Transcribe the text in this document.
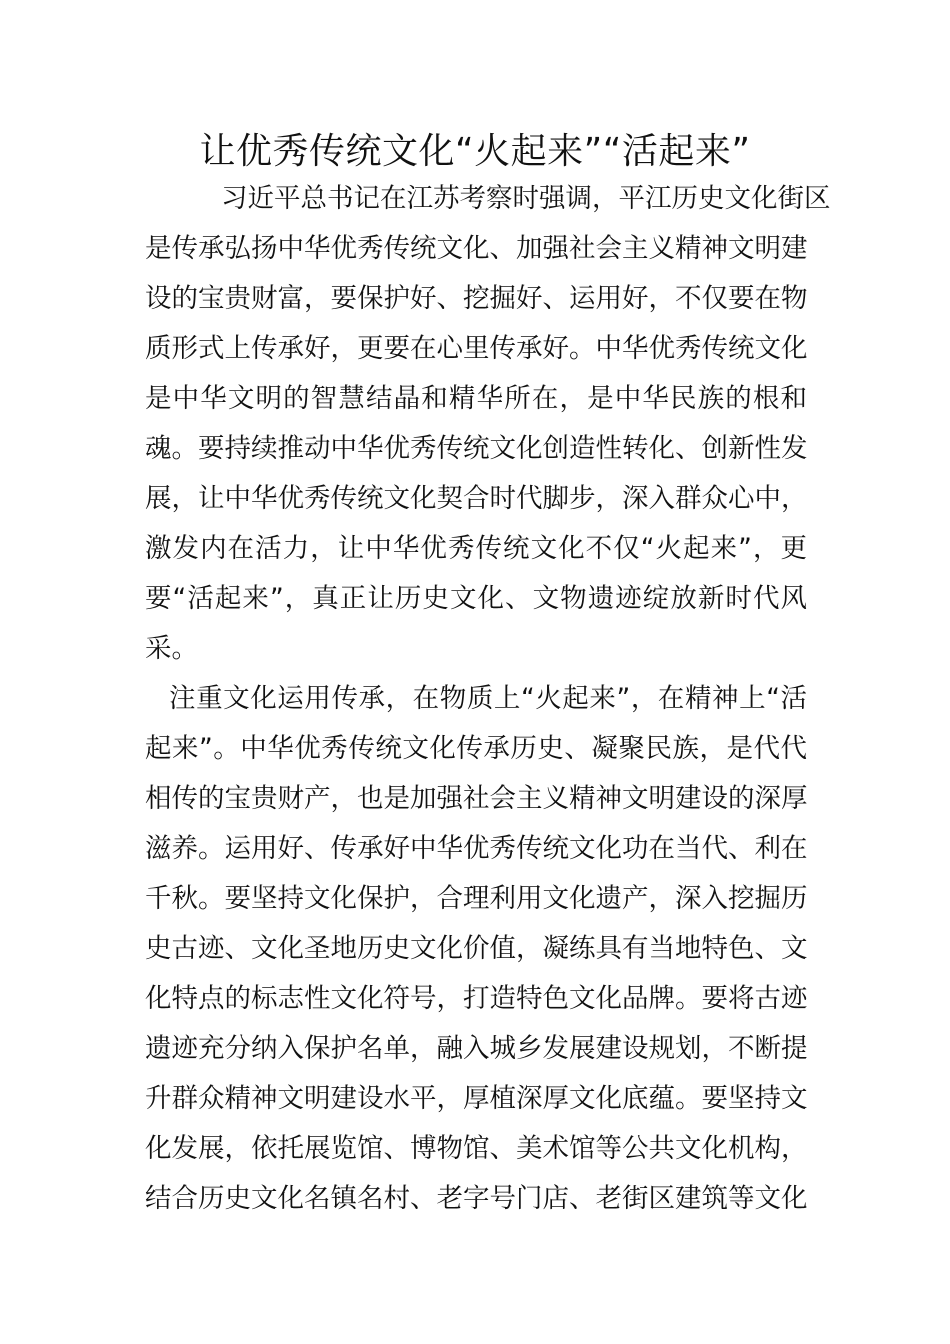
让优秀传统文化“火起来”“活起来”
习近平总书记在江苏考察时强调，平江历史文化街区
是传承弘扬中华优秀传统文化、加强社会主义精神文明建
设的宝贵财富，要保护好、挖掘好、运用好，不仅要在物
质形式上传承好，更要在心里传承好。中华优秀传统文化
是中华文明的智慧结晶和精华所在，是中华民族的根和
魂。要持续推动中华优秀传统文化创造性转化、创新性发
展，让中华优秀传统文化契合时代脚步，深入群众心中，
激发内在活力，让中华优秀传统文化不仅“火起来”，更
要“活起来”，真正让历史文化、文物遗迹绽放新时代风
采。
注重文化运用传承，在物质上“火起来”，在精神上“活
起来”。中华优秀传统文化传承历史、凝聚民族，是代代
相传的宝贵财产，也是加强社会主义精神文明建设的深厚
滋养。运用好、传承好中华优秀传统文化功在当代、利在
千秋。要坚持文化保护，合理利用文化遗产，深入挖掘历
史古迹、文化圣地历史文化价值，凝练具有当地特色、文
化特点的标志性文化符号，打造特色文化品牌。要将古迹
遗迹充分纳入保护名单，融入城乡发展建设规划，不断提
升群众精神文明建设水平，厚植深厚文化底蕴。要坚持文
化发展，依托展览馆、博物馆、美术馆等公共文化机构，
结合历史文化名镇名村、老字号门店、老街区建筑等文化
